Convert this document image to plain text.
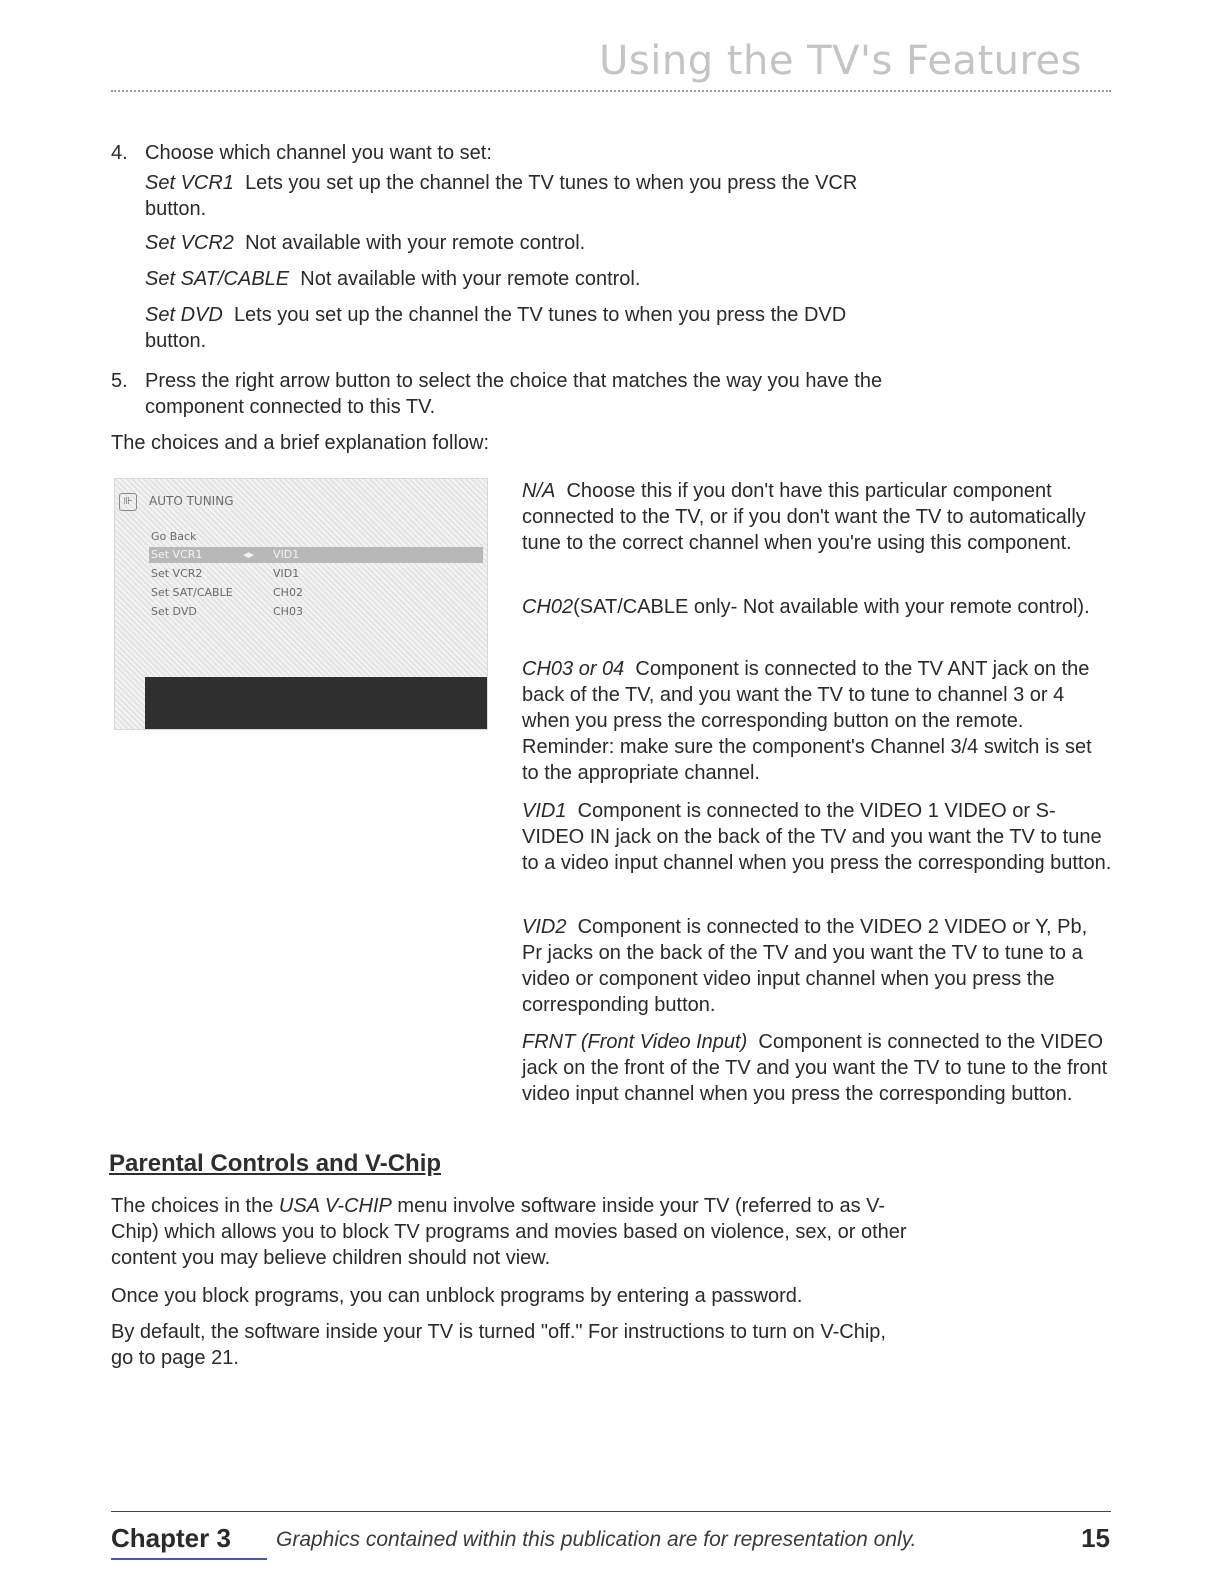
Using the TV's Features

4. Choose which channel you want to set:

Set VCR1 Lets you set up the channel the TV tunes to when you press the VCR button.

Set VCR2 Not available with your remote control.

Set SAT/CABLE Not available with your remote control.

Set DVD Lets you set up the channel the TV tunes to when you press the DVD button.

5. Press the right arrow button to select the choice that matches the way you have the component connected to this TV.

The choices and a brief explanation follow:
⊪	AUTO TUNING
Go Back
Set VCR1	◂▸ VID1
Set VCR2	VID1
Set SAT/CABLE	CH02
Set DVD	CH03

N/A Choose this if you don't have this particular component connected to the TV, or if you don't want the TV to automatically tune to the correct channel when you're using this component.

CH02(SAT/CABLE only- Not available with your remote control).

CH03 or 04 Component is connected to the TV ANT jack on the back of the TV, and you want the TV to tune to channel 3 or 4 when you press the corresponding button on the remote. Reminder: make sure the component's Channel 3/4 switch is set to the appropriate channel.

VID1 Component is connected to the VIDEO 1 VIDEO or S-VIDEO IN jack on the back of the TV and you want the TV to tune to a video input channel when you press the corresponding button.

VID2 Component is connected to the VIDEO 2 VIDEO or Y, Pb, Pr jacks on the back of the TV and you want the TV to tune to a video or component video input channel when you press the corresponding button.

FRNT (Front Video Input) Component is connected to the VIDEO jack on the front of the TV and you want the TV to tune to the front video input channel when you press the corresponding button.

Parental Controls and V-Chip
The choices in the USA V-CHIP menu involve software inside your TV (referred to as V-Chip) which allows you to block TV programs and movies based on violence, sex, or other content you may believe children should not view.
Once you block programs, you can unblock programs by entering a password.
By default, the software inside your TV is turned "off." For instructions to turn on V-Chip, go to page 21.
Chapter 3 Graphics contained within this publication are for representation only.	15
